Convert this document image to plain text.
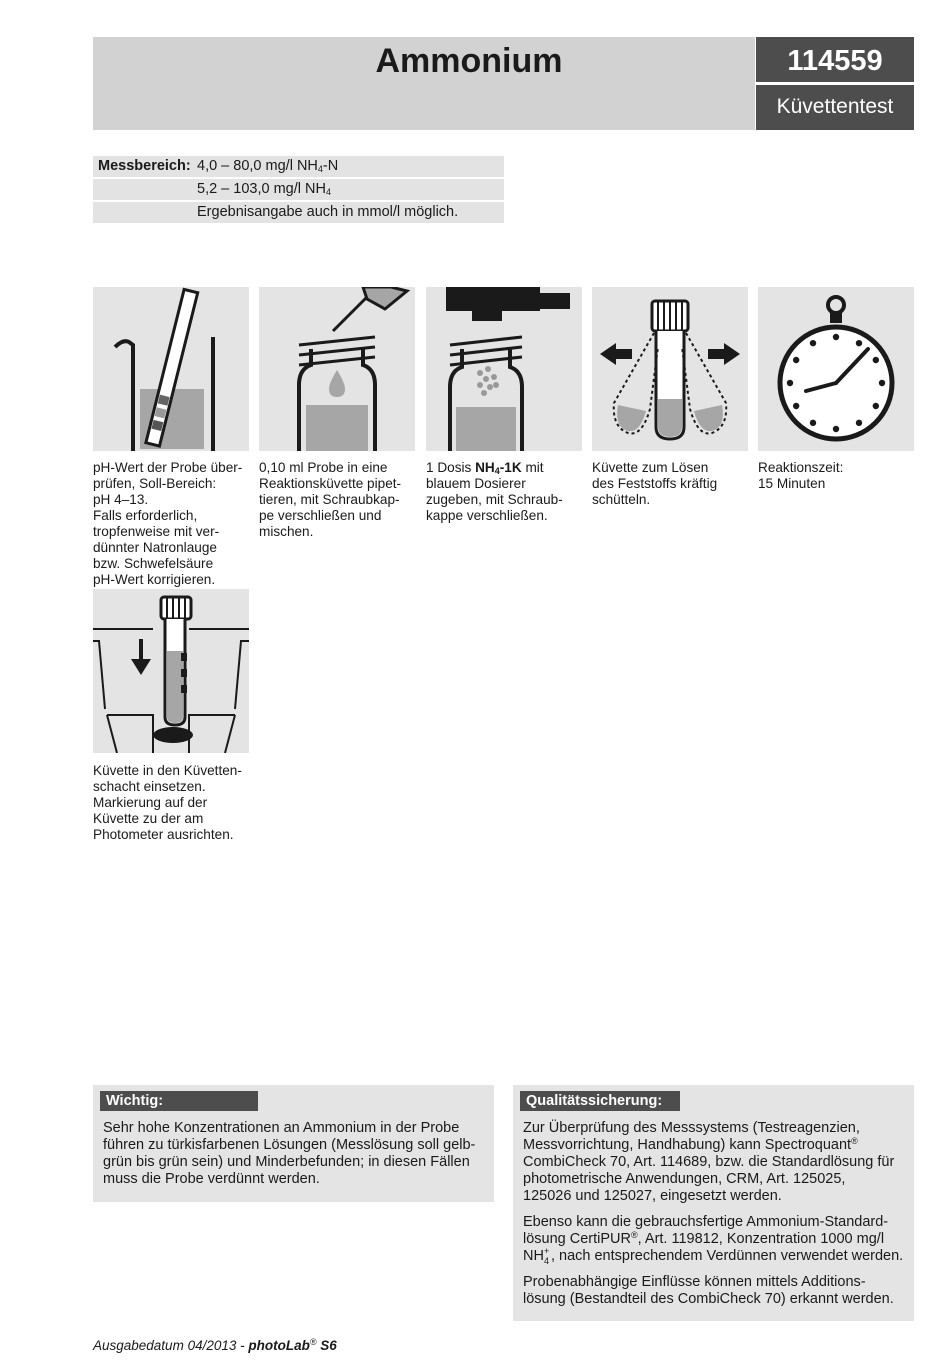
Ammonium	114559
Küvettentest
Messbereich: 4,0 – 80,0 mg/l $NH_4-N$
5,2 – 103,0 mg/l $NH_4$
Ergebnisangabe auch in mmol/l möglich.
pH-Wert der Probe über-
prüfen, Soll-Bereich:
pH 4–13.
Falls erforderlich,
tropfenweise mit ver-
dünnter Natronlauge
bzw. Schwefelsäure
pH-Wert korrigieren.
0,10 ml Probe in eine
Reaktionsküvette pipet-
tieren, mit Schraubkap-
pe verschließen und
mischen.
1 Dosis $NH_4-1K$ mit
blauem Dosierer
zugeben, mit Schraub-
kappe verschließen.
Küvette zum Lösen
des Feststoffs kräftig
schütteln.
Reaktionszeit:
15 Minuten
Küvette in den Küvetten-
schacht einsetzen.
Markierung auf der
Küvette zu der am
Photometer ausrichten.
Wichtig:
Sehr hohe Konzentrationen an Ammonium in der Probe
führen zu türkisfarbenen Lösungen (Messlösung soll gelb-
grün bis grün sein) und Minderbefunden; in diesen Fällen
muss die Probe verdünnt werden.
Qualitätssicherung:

Zur Überprüfung des Messsystems (Testreagenzien,
Messvorrichtung, Handhabung) kann Spectroquant®
CombiCheck 70, Art. 114689, bzw. die Standardlösung für
photometrische Anwendungen, CRM, Art. 125025,
125026 und 125027, eingesetzt werden.

Ebenso kann die gebrauchsfertige Ammonium-Standard-
lösung CertiPUR®, Art. 119812, Konzentration 1000 mg/l
NH +
4 , nach entsprechendem Verdünnen verwendet werden.

Probenabhängige Einflüsse können mittels Additions-
lösung (Bestandteil des CombiCheck 70) erkannt werden.

Ausgabedatum 04/2013 - photoLab® S6
